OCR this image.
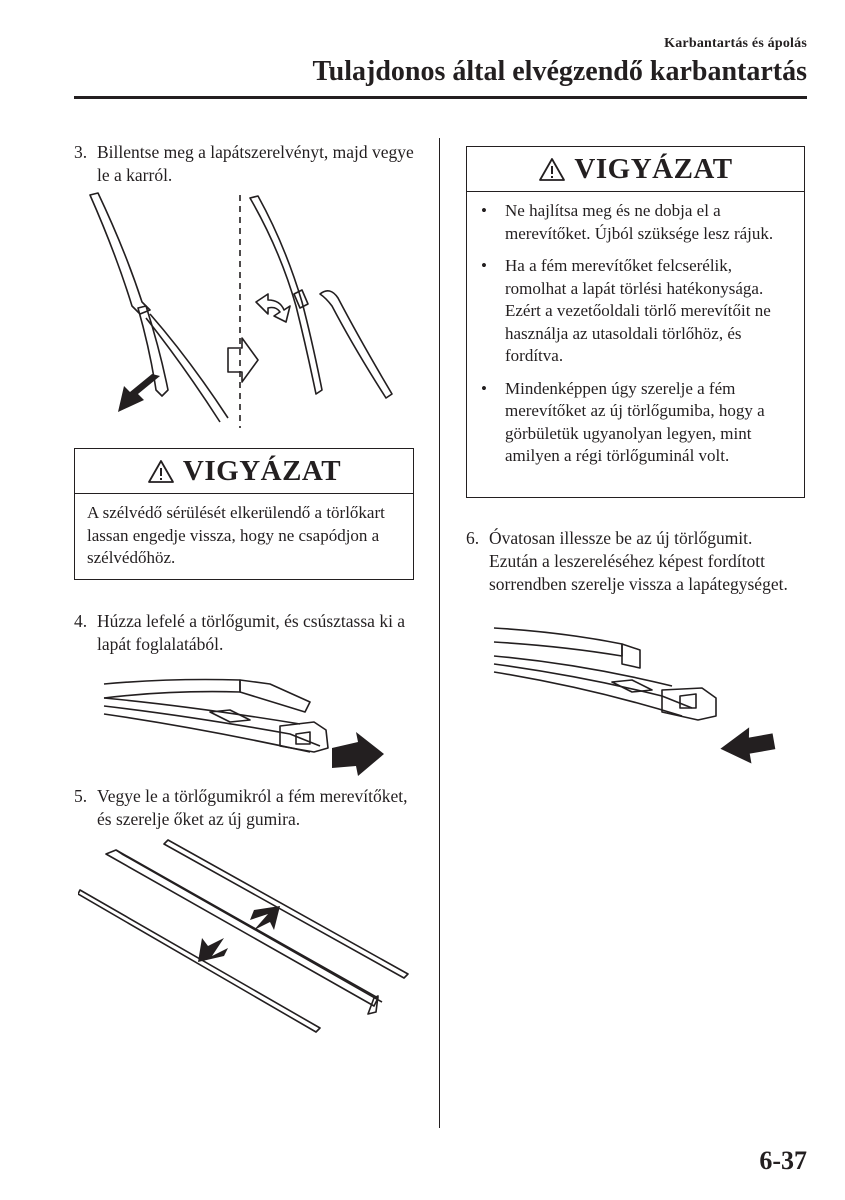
Karbantartás és ápolás
Tulajdonos által elvégzendő karbantartás
3. Billentse meg a lapátszerelvényt, majd vegye le a karról.
VIGYÁZAT
A szélvédő sérülését elkerülendő a törlőkart lassan engedje vissza, hogy ne csapódjon a szélvédőhöz.
4. Húzza lefelé a törlőgumit, és csúsztassa ki a lapát foglalatából.
5. Vegye le a törlőgumikról a fém merevítőket, és szerelje őket az új gumira.
VIGYÁZAT
• Ne hajlítsa meg és ne dobja el a merevítőket. Újból szüksége lesz rájuk.
• Ha a fém merevítőket felcserélik, romolhat a lapát törlési hatékonysága. Ezért a vezetőoldali törlő merevítőit ne használja az utasoldali törlőhöz, és fordítva.
• Mindenképpen úgy szerelje a fém merevítőket az új törlőgumiba, hogy a görbületük ugyanolyan legyen, mint amilyen a régi törlőguminál volt.
6. Óvatosan illessze be az új törlőgumit. Ezután a leszereléséhez képest fordított sorrendben szerelje vissza a lapátegységet.
6-37
